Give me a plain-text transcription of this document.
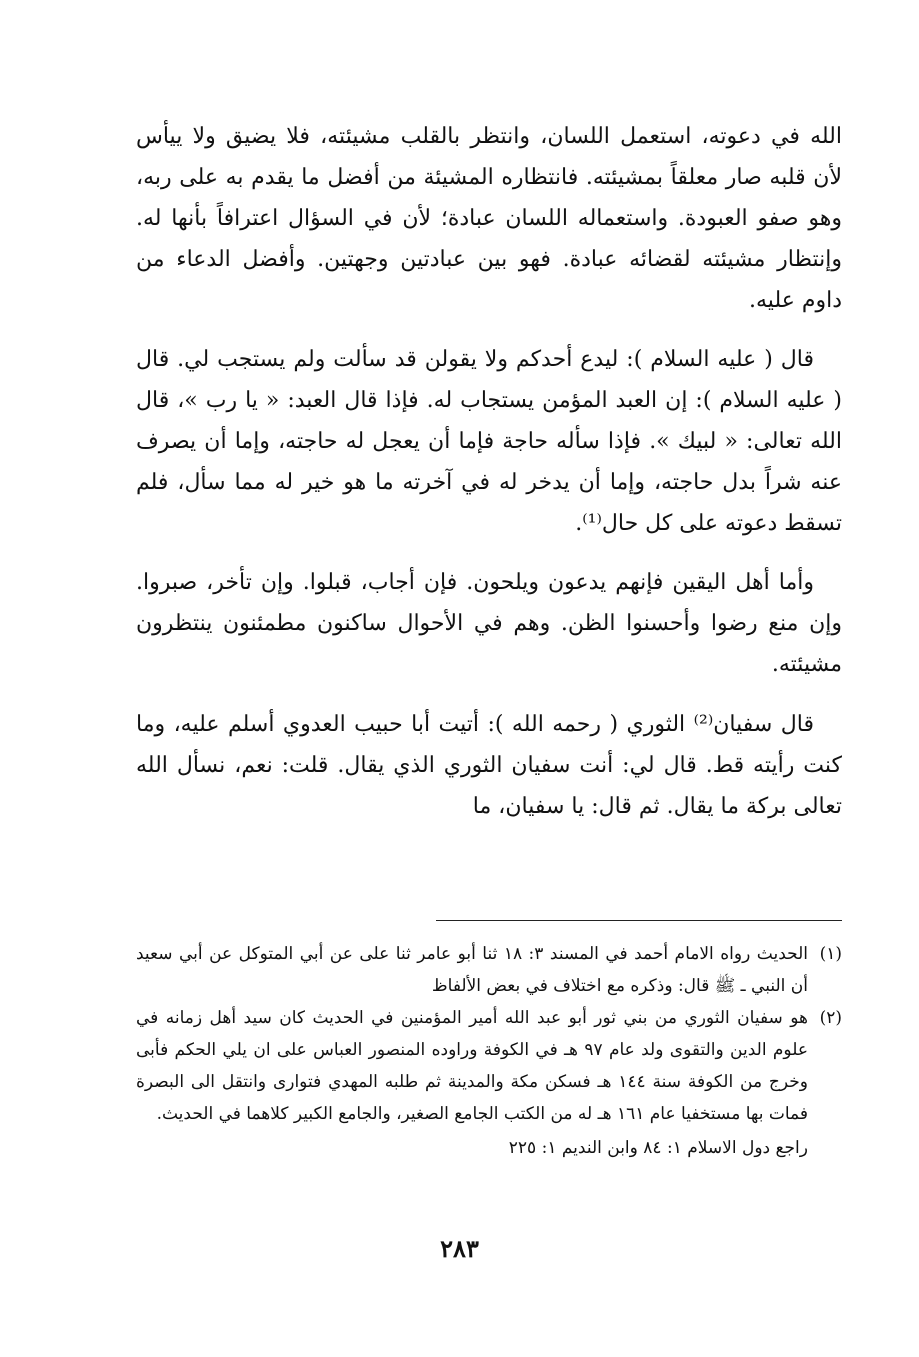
الله في دعوته، استعمل اللسان، وانتظر بالقلب مشيئته، فلا يضيق ولا ييأس لأن قلبه صار معلقاً بمشيئته. فانتظاره المشيئة من أفضل ما يقدم به على ربه، وهو صفو العبودة. واستعماله اللسان عبادة؛ لأن في السؤال اعترافاً بأنها له. وإنتظار مشيئته لقضائه عبادة. فهو بين عبادتين وجهتين. وأفضل الدعاء من داوم عليه.

قال ( عليه السلام ): ليدع أحدكم ولا يقولن قد سألت ولم يستجب لي. قال ( عليه السلام ): إن العبد المؤمن يستجاب له. فإذا قال العبد: « يا رب »، قال الله تعالى: « لبيك ». فإذا سأله حاجة فإما أن يعجل له حاجته، وإما أن يصرف عنه شراً بدل حاجته، وإما أن يدخر له في آخرته ما هو خير له مما سأل، فلم تسقط دعوته على كل حال⁽¹⁾.

وأما أهل اليقين فإنهم يدعون ويلحون. فإن أجاب، قبلوا. وإن تأخر، صبروا. وإن منع رضوا وأحسنوا الظن. وهم في الأحوال ساكنون مطمئنون ينتظرون مشيئته.

قال سفيان⁽²⁾ الثوري ( رحمه الله ): أتيت أبا حبيب العدوي أسلم عليه، وما كنت رأيته قط. قال لي: أنت سفيان الثوري الذي يقال. قلت: نعم، نسأل الله تعالى بركة ما يقال. ثم قال: يا سفيان، ما

(١)
الحديث رواه الامام أحمد في المسند ٣: ١٨ ثنا أبو عامر ثنا على عن أبي المتوكل عن أبي سعيد أن النبي ـ ﷺ قال: وذكره مع اختلاف في بعض الألفاظ
(٢)
هو سفيان الثوري من بني ثور أبو عبد الله أمير المؤمنين في الحديث كان سيد أهل زمانه في علوم الدين والتقوى ولد عام ٩٧ هـ في الكوفة وراوده المنصور العباس على ان يلي الحكم فأبى وخرج من الكوفة سنة ١٤٤ هـ فسكن مكة والمدينة ثم طلبه المهدي فتوارى وانتقل الى البصرة فمات بها مستخفيا عام ١٦١ هـ له من الكتب الجامع الصغير، والجامع الكبير كلاهما في الحديث.
راجع دول الاسلام ١: ٨٤ وابن النديم ١: ٢٢٥
٢٨٣
